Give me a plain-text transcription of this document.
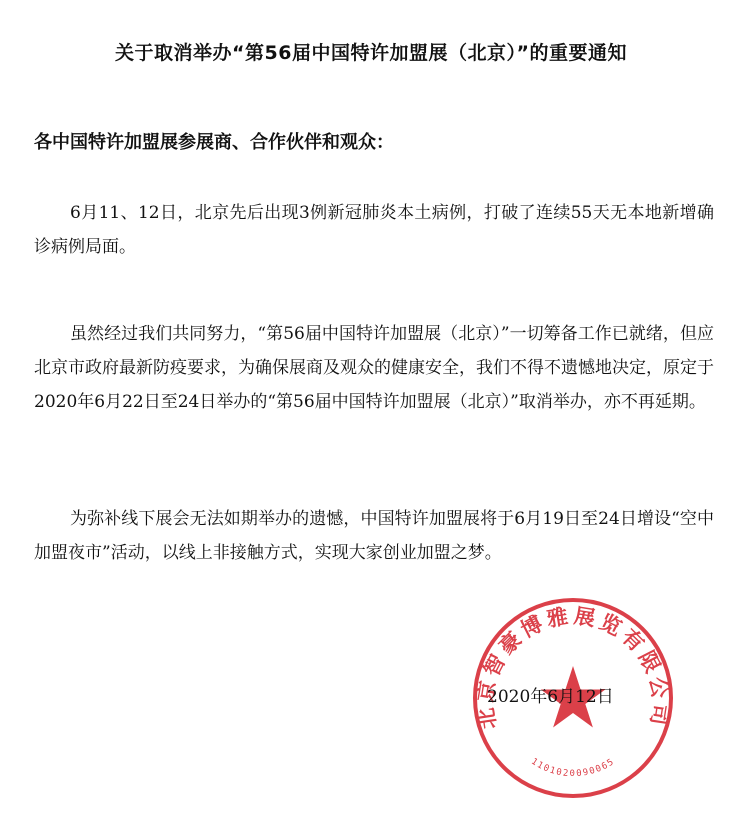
关于取消举办“第56届中国特许加盟展（北京）”的重要通知
各中国特许加盟展参展商、合作伙伴和观众：
6月11、12日，北京先后出现3例新冠肺炎本土病例，打破了连续55天无本地新增确诊病例局面。
虽然经过我们共同努力，“第56届中国特许加盟展（北京）”一切筹备工作已就绪，但应北京市政府最新防疫要求，为确保展商及观众的健康安全，我们不得不遗憾地决定，原定于2020年6月22日至24日举办的“第56届中国特许加盟展（北京）”取消举办，亦不再延期。
为弥补线下展会无法如期举办的遗憾，中国特许加盟展将于6月19日至24日增设“空中加盟夜市”活动，以线上非接触方式，实现大家创业加盟之梦。
北京智豪博雅展览有限公司
1101020090065
2020年6月12日
